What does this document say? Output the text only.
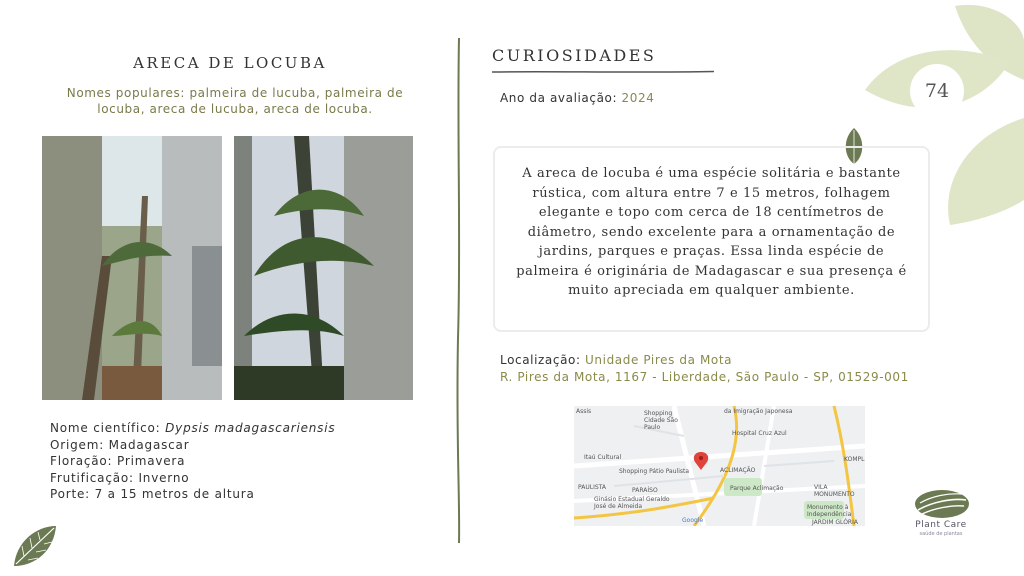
74
ARECA DE LOCUBA
Nomes populares: palmeira de lucuba, palmeira de locuba, areca de lucuba, areca de locuba.
Nome científico: Dypsis madagascariensis
Origem: Madagascar
Floração: Primavera
Frutificação: Inverno
Porte: 7 a 15 metros de altura
CURIOSIDADES
Ano da avaliação: 2024
A areca de locuba é uma espécie solitária e bastante rústica, com altura entre 7 e 15 metros, folhagem elegante e topo com cerca de 18 centímetros de diâmetro, sendo excelente para a ornamentação de jardins, parques e praças. Essa linda espécie de palmeira é originária de Madagascar e sua presença é muito apreciada em qualquer ambiente.
Localização: Unidade Pires da Mota
R. Pires da Mota, 1167 - Liberdade, São Paulo - SP, 01529-001
Assis	Shopping Cidade São Paulo
da Imigração Japonesa
Hospital Cruz Azul
Itaú Cultural
Shopping Pátio Paulista	ACLIMAÇÃO
PAULISTA	PARAÍSO	Parque Aclimação
Ginásio Estadual Geraldo José de Almeida	Monumento à Independência
Google
KOMPL
VILA MONUMENTO
JARDIM GLÓRIA	Plant Care
saúde de plantas
